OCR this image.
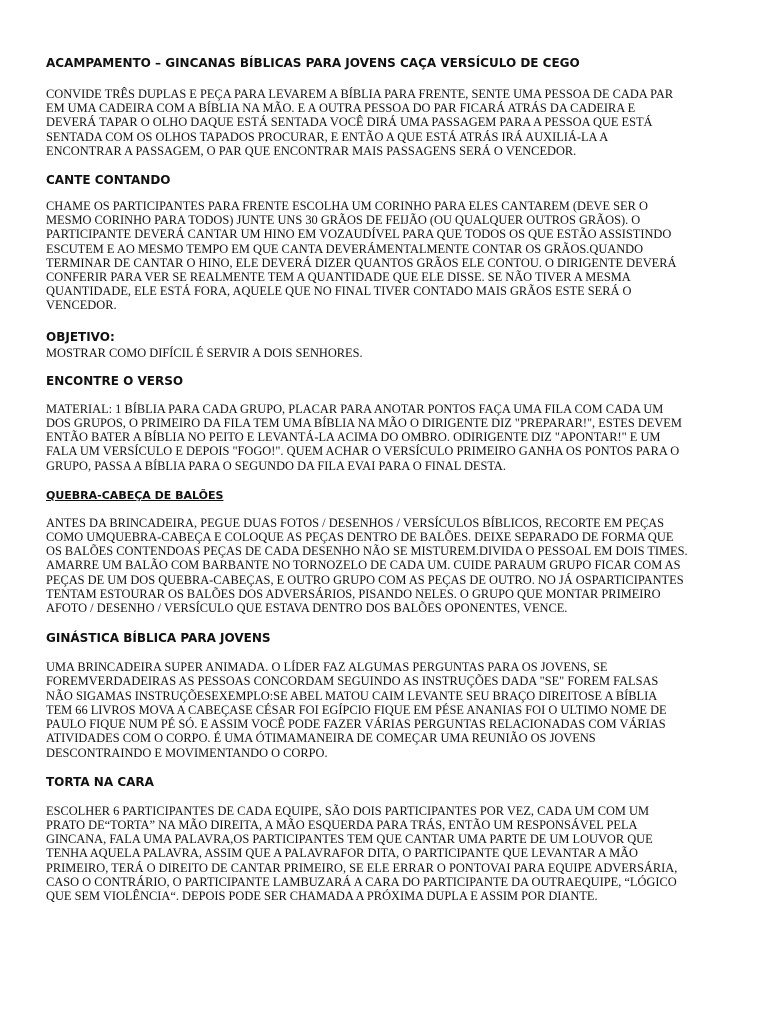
ACAMPAMENTO – GINCANAS BÍBLICAS PARA JOVENS CAÇA VERSÍCULO DE CEGO

CONVIDE TRÊS DUPLAS E PEÇA PARA LEVAREM A BÍBLIA PARA FRENTE, SENTE UMA PESSOA DE CADA PAR
EM UMA CADEIRA COM A BÍBLIA NA MÃO. E A OUTRA PESSOA DO PAR FICARÁ ATRÁS DA CADEIRA E
DEVERÁ TAPAR O OLHO DAQUE ESTÁ SENTADA VOCÊ DIRÁ UMA PASSAGEM PARA A PESSOA QUE ESTÁ
SENTADA COM OS OLHOS TAPADOS PROCURAR, E ENTÃO A QUE ESTÁ ATRÁS IRÁ AUXILIÁ-LA A
ENCONTRAR A PASSAGEM, O PAR QUE ENCONTRAR MAIS PASSAGENS SERÁ O VENCEDOR.

CANTE CONTANDO

CHAME OS PARTICIPANTES PARA FRENTE ESCOLHA UM CORINHO PARA ELES CANTAREM (DEVE SER O
MESMO CORINHO PARA TODOS) JUNTE UNS 30 GRÃOS DE FEIJÃO (OU QUALQUER OUTROS GRÃOS). O
PARTICIPANTE DEVERÁ CANTAR UM HINO EM VOZAUDÍVEL PARA QUE TODOS OS QUE ESTÃO ASSISTINDO
ESCUTEM E AO MESMO TEMPO EM QUE CANTA DEVERÁMENTALMENTE CONTAR OS GRÃOS.QUANDO
TERMINAR DE CANTAR O HINO, ELE DEVERÁ DIZER QUANTOS GRÃOS ELE CONTOU. O DIRIGENTE DEVERÁ
CONFERIR PARA VER SE REALMENTE TEM A QUANTIDADE QUE ELE DISSE. SE NÃO TIVER A MESMA
QUANTIDADE, ELE ESTÁ FORA, AQUELE QUE NO FINAL TIVER CONTADO MAIS GRÃOS ESTE SERÁ O
VENCEDOR.

OBJETIVO:

MOSTRAR COMO DIFÍCIL É SERVIR A DOIS SENHORES.

ENCONTRE O VERSO

MATERIAL: 1 BÍBLIA PARA CADA GRUPO, PLACAR PARA ANOTAR PONTOS FAÇA UMA FILA COM CADA UM
DOS GRUPOS, O PRIMEIRO DA FILA TEM UMA BÍBLIA NA MÃO O DIRIGENTE DIZ "PREPARAR!", ESTES DEVEM
ENTÃO BATER A BÍBLIA NO PEITO E LEVANTÁ-LA ACIMA DO OMBRO. ODIRIGENTE DIZ "APONTAR!" E UM
FALA UM VERSÍCULO E DEPOIS "FOGO!". QUEM ACHAR O VERSÍCULO PRIMEIRO GANHA OS PONTOS PARA O
GRUPO, PASSA A BÍBLIA PARA O SEGUNDO DA FILA EVAI PARA O FINAL DESTA.

QUEBRA-CABEÇA DE BALÕES

ANTES DA BRINCADEIRA, PEGUE DUAS FOTOS / DESENHOS / VERSÍCULOS BÍBLICOS, RECORTE EM PEÇAS
COMO UMQUEBRA-CABEÇA E COLOQUE AS PEÇAS DENTRO DE BALÕES. DEIXE SEPARADO DE FORMA QUE
OS BALÕES CONTENDOAS PEÇAS DE CADA DESENHO NÃO SE MISTUREM.DIVIDA O PESSOAL EM DOIS TIMES.
AMARRE UM BALÃO COM BARBANTE NO TORNOZELO DE CADA UM. CUIDE PARAUM GRUPO FICAR COM AS
PEÇAS DE UM DOS QUEBRA-CABEÇAS, E OUTRO GRUPO COM AS PEÇAS DE OUTRO. NO JÁ OSPARTICIPANTES
TENTAM ESTOURAR OS BALÕES DOS ADVERSÁRIOS, PISANDO NELES. O GRUPO QUE MONTAR PRIMEIRO
AFOTO / DESENHO / VERSÍCULO QUE ESTAVA DENTRO DOS BALÕES OPONENTES, VENCE.

GINÁSTICA BÍBLICA PARA JOVENS

UMA BRINCADEIRA SUPER ANIMADA. O LÍDER FAZ ALGUMAS PERGUNTAS PARA OS JOVENS, SE
FOREMVERDADEIRAS AS PESSOAS CONCORDAM SEGUINDO AS INSTRUÇÕES DADA "SE" FOREM FALSAS
NÃO SIGAMAS INSTRUÇÕESEXEMPLO:SE ABEL MATOU CAIM LEVANTE SEU BRAÇO DIREITOSE A BÍBLIA
TEM 66 LIVROS MOVA A CABEÇASE CÉSAR FOI EGÍPCIO FIQUE EM PÉSE ANANIAS FOI O ULTIMO NOME DE
PAULO FIQUE NUM PÉ SÓ. E ASSIM VOCÊ PODE FAZER VÁRIAS PERGUNTAS RELACIONADAS COM VÁRIAS
ATIVIDADES COM O CORPO. É UMA ÓTIMAMANEIRA DE COMEÇAR UMA REUNIÃO OS JOVENS
DESCONTRAINDO E MOVIMENTANDO O CORPO.

TORTA NA CARA

ESCOLHER 6 PARTICIPANTES DE CADA EQUIPE, SÃO DOIS PARTICIPANTES POR VEZ, CADA UM COM UM
PRATO DE“TORTA” NA MÃO DIREITA, A MÃO ESQUERDA PARA TRÁS, ENTÃO UM RESPONSÁVEL PELA
GINCANA, FALA UMA PALAVRA,OS PARTICIPANTES TEM QUE CANTAR UMA PARTE DE UM LOUVOR QUE
TENHA AQUELA PALAVRA, ASSIM QUE A PALAVRAFOR DITA, O PARTICIPANTE QUE LEVANTAR A MÃO
PRIMEIRO, TERÁ O DIREITO DE CANTAR PRIMEIRO, SE ELE ERRAR O PONTOVAI PARA EQUIPE ADVERSÁRIA,
CASO O CONTRÁRIO, O PARTICIPANTE LAMBUZARÁ A CARA DO PARTICIPANTE DA OUTRAEQUIPE, “LÓGICO
QUE SEM VIOLÊNCIA“. DEPOIS PODE SER CHAMADA A PRÓXIMA DUPLA E ASSIM POR DIANTE.
